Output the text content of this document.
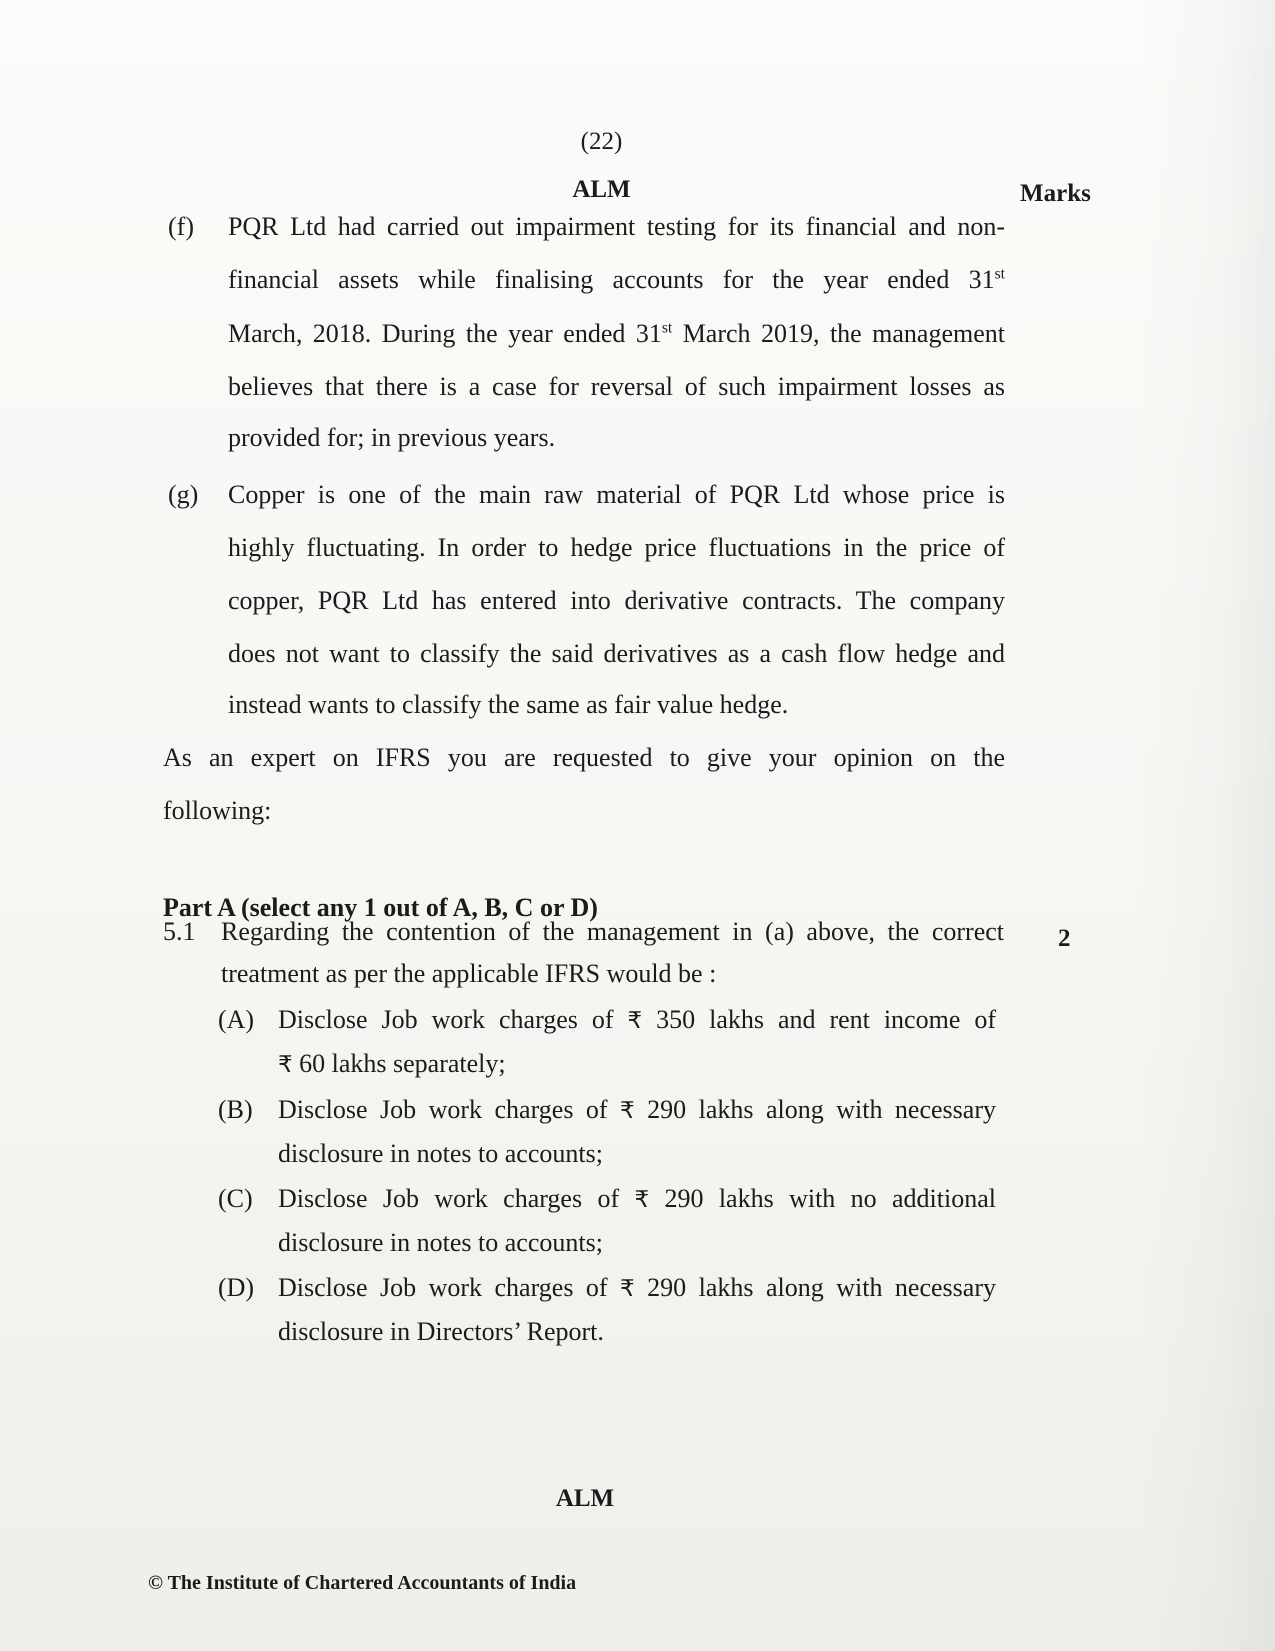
(22)
ALM	Marks
(f) PQR Ltd had carried out impairment testing for its financial and non-
financial assets while finalising accounts for the year ended 31st
March, 2018. During the year ended 31st March 2019, the management
believes that there is a case for reversal of such impairment losses as
provided for; in previous years.
(g) Copper is one of the main raw material of PQR Ltd whose price is
highly fluctuating. In order to hedge price fluctuations in the price of
copper, PQR Ltd has entered into derivative contracts. The company
does not want to classify the said derivatives as a cash flow hedge and
instead wants to classify the same as fair value hedge.
As an expert on IFRS you are requested to give your opinion on the
following:
Part A (select any 1 out of A, B, C or D)
5.1 Regarding the contention of the management in (a) above, the correct 2
treatment as per the applicable IFRS would be :
(A) Disclose Job work charges of ₹ 350 lakhs and rent income of
₹ 60 lakhs separately;
(B) Disclose Job work charges of ₹ 290 lakhs along with necessary
disclosure in notes to accounts;
(C) Disclose Job work charges of ₹ 290 lakhs with no additional
disclosure in notes to accounts;
(D) Disclose Job work charges of ₹ 290 lakhs along with necessary
disclosure in Directors’ Report.
ALM
© The Institute of Chartered Accountants of India
